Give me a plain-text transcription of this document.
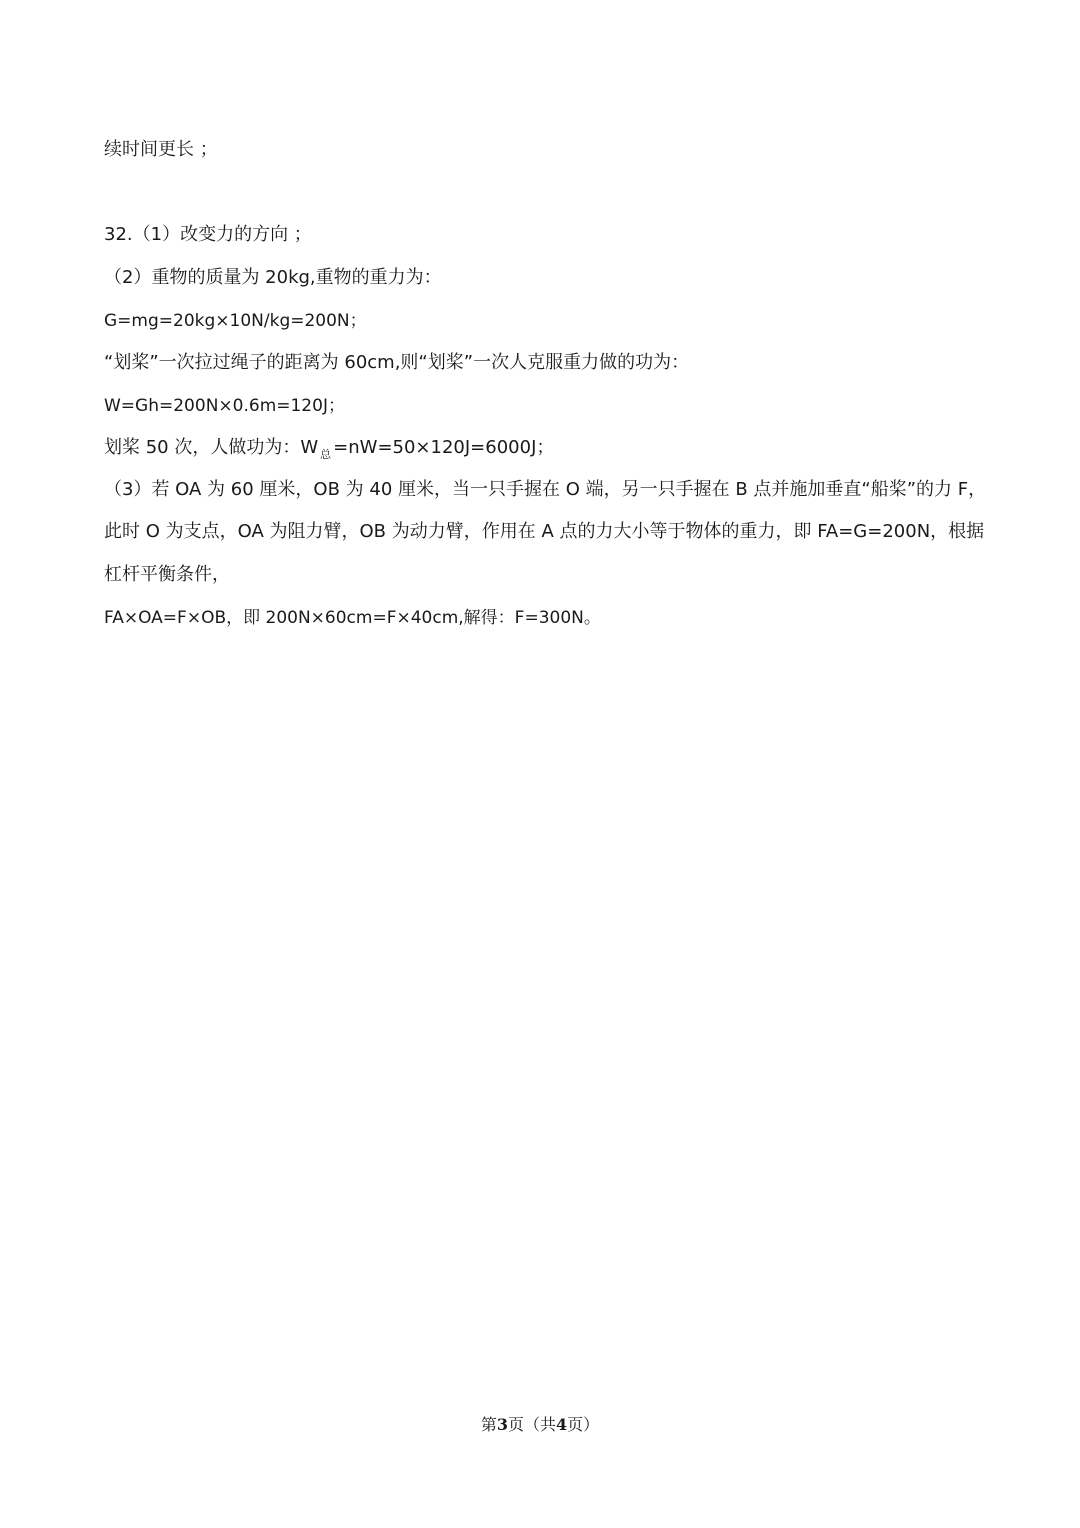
续时间更长 ；
32.（1）改变力的方向 ；
（2）重物的质量为 20kg,重物的重力为：
G=mg=20kg×10N/kg=200N；
“划桨”一次拉过绳子的距离为 60cm,则“划桨”一次人克服重力做的功为：
W=Gh=200N×0.6m=120J；
划桨 50 次，人做功为：W $_总$ =nW=50×120J=6000J；
（3）若 OA 为 60 厘米，OB 为 40 厘米，当一只手握在 O 端，另一只手握在 B 点并施加垂直“船桨”的力 F，
此时 O 为支点，OA 为阻力臂，OB 为动力臂，作用在 A 点的力大小等于物体的重力，即 FA=G=200N，根据
杠杆平衡条件，
FA×OA=F×OB，即 200N×60cm=F×40cm,解得：F=300N。
第3页（共4页）
